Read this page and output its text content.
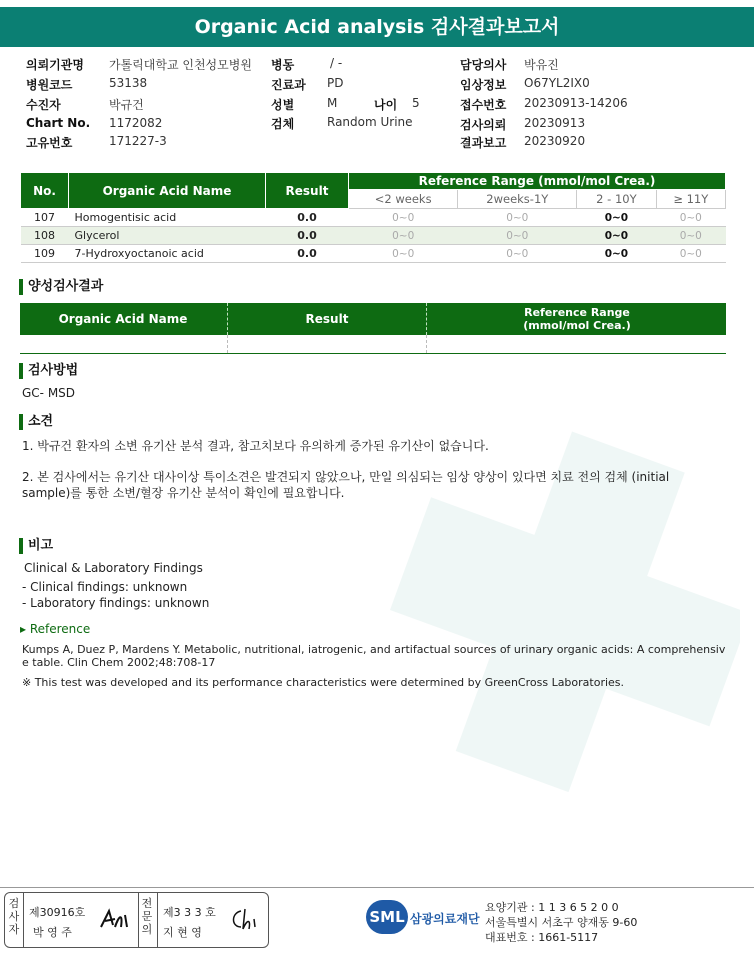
Organic Acid analysis 검사결과보고서
의뢰기관명 가톨릭대학교 인천성모병원
병원코드	53138
수진자	박규건
Chart No. 1172082
고유번호	171227-3
병동	/ -
진료과 PD
성별	M	나이 5
검체	Random Urine
담당의사 박유진
임상정보 O67YL2IX0
접수번호 20230913-14206
검사의뢰 20230913
결과보고 20230920
No.	Organic Acid Name	Result	Reference Range (mmol/mol Crea.)			
			<2 weeks	2weeks-1Y	2 - 10Y	≥ 11Y
107	Homogentisic acid	0.0	0~0	0~0	0~0	0~0
108	Glycerol	0.0	0~0	0~0	0~0	0~0
109	7-Hydroxyoctanoic acid	0.0	0~0	0~0	0~0	0~0
양성검사결과
Organic Acid Name	Result	Reference Range
(mmol/mol Crea.)
검사방법
GC- MSD
소견
1. 박규건 환자의 소변 유기산 분석 결과, 참고치보다 유의하게 증가된 유기산이 없습니다.
2. 본 검사에서는 유기산 대사이상 특이소견은 발견되지 않았으나, 만일 의심되는 임상 양상이 있다면 치료 전의 검체 (initial
sample)를 통한 소변/혈장 유기산 분석이 확인에 필요합니다.
비고
Clinical & Laboratory Findings
- Clinical findings: unknown
- Laboratory findings: unknown
▸ Reference
Kumps A, Duez P, Mardens Y. Metabolic, nutritional, iatrogenic, and artifactual sources of urinary organic acids: A comprehensiv
e table. Clin Chem 2002;48:708-17
※ This test was developed and its performance characteristics were determined by GreenCross Laboratories.
검
사
자
제30916호
박 영 주
전
문
의
제3 3 3 호
지 현 영
SML 삼광의료재단
요양기관 : 1 1 3 6 5 2 0 0
서울특별시 서초구 양재동 9-60
대표번호 : 1661-5117
